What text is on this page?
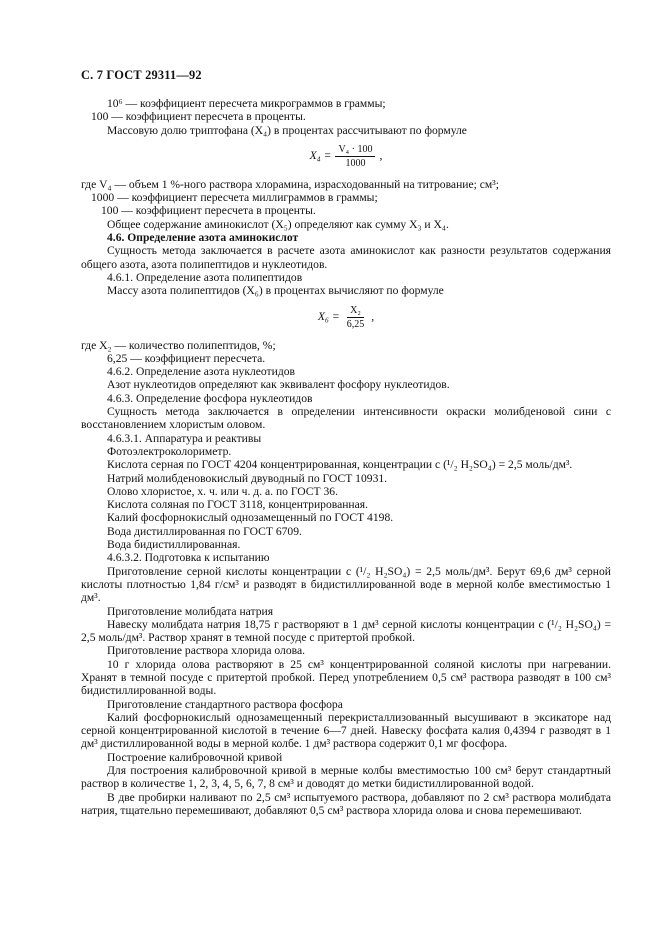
С. 7 ГОСТ 29311—92
10⁶ — коэффициент пересчета микрограммов в граммы;
100 — коэффициент пересчета в проценты.
Массовую долю триптофана (X₄) в процентах рассчитывают по формуле
$X_4 = \frac{\text{V₄ · 100}}{1000}$ ,
где V₄ — объем 1 %-ного раствора хлорамина, израсходованный на титрование; см³;
1000 — коэффициент пересчета миллиграммов в граммы;
100 — коэффициент пересчета в проценты.
Общее содержание аминокислот (X₅) определяют как сумму X₃ и X₄.
4.6. Определение азота аминокислот
Сущность метода заключается в расчете азота аминокислот как разности результатов содержания общего азота, азота полипептидов и нуклеотидов.
4.6.1. Определение азота полипептидов
Массу азота полипептидов (X₆) в процентах вычисляют по формуле
$X_6 = \frac{\text{X₂}}{6,25}$ ,
где X₂ — количество полипептидов, %;
6,25 — коэффициент пересчета.
4.6.2. Определение азота нуклеотидов
Азот нуклеотидов определяют как эквивалент фосфору нуклеотидов.
4.6.3. Определение фосфора нуклеотидов
Сущность метода заключается в определении интенсивности окраски молибденовой сини с восстановлением хлористым оловом.
4.6.3.1. Аппаратура и реактивы
Фотоэлектроколориметр.
Кислота серная по ГОСТ 4204 концентрированная, концентрации c (¹/₂ H₂SO₄) = 2,5 моль/дм³.
Натрий молибденовокислый двуводный по ГОСТ 10931.
Олово хлористое, х. ч. или ч. д. а. по ГОСТ 36.
Кислота соляная по ГОСТ 3118, концентрированная.
Калий фосфорнокислый однозамещенный по ГОСТ 4198.
Вода дистиллированная по ГОСТ 6709.
Вода бидистиллированная.
4.6.3.2. Подготовка к испытанию
Приготовление серной кислоты концентрации c (¹/₂ H₂SO₄) = 2,5 моль/дм³. Берут 69,6 дм³ серной кислоты плотностью 1,84 г/см³ и разводят в бидистиллированной воде в мерной колбе вместимостью 1 дм³.
Приготовление молибдата натрия
Навеску молибдата натрия 18,75 г растворяют в 1 дм³ серной кислоты концентрации c (¹/₂ H₂SO₄) = 2,5 моль/дм³. Раствор хранят в темной посуде с притертой пробкой.
Приготовление раствора хлорида олова.
10 г хлорида олова растворяют в 25 см³ концентрированной соляной кислоты при нагревании. Хранят в темной посуде с притертой пробкой. Перед употреблением 0,5 см³ раствора разводят в 100 см³ бидистиллированной воды.
Приготовление стандартного раствора фосфора
Калий фосфорнокислый однозамещенный перекристаллизованный высушивают в эксикаторе над серной концентрированной кислотой в течение 6—7 дней. Навеску фосфата калия 0,4394 г разводят в 1 дм³ дистиллированной воды в мерной колбе. 1 дм³ раствора содержит 0,1 мг фосфора.
Построение калибровочной кривой
Для построения калибровочной кривой в мерные колбы вместимостью 100 см³ берут стандартный раствор в количестве 1, 2, 3, 4, 5, 6, 7, 8 см³ и доводят до метки бидистиллированной водой.
В две пробирки наливают по 2,5 см³ испытуемого раствора, добавляют по 2 см³ раствора молибдата натрия, тщательно перемешивают, добавляют 0,5 см³ раствора хлорида олова и снова перемешивают.
